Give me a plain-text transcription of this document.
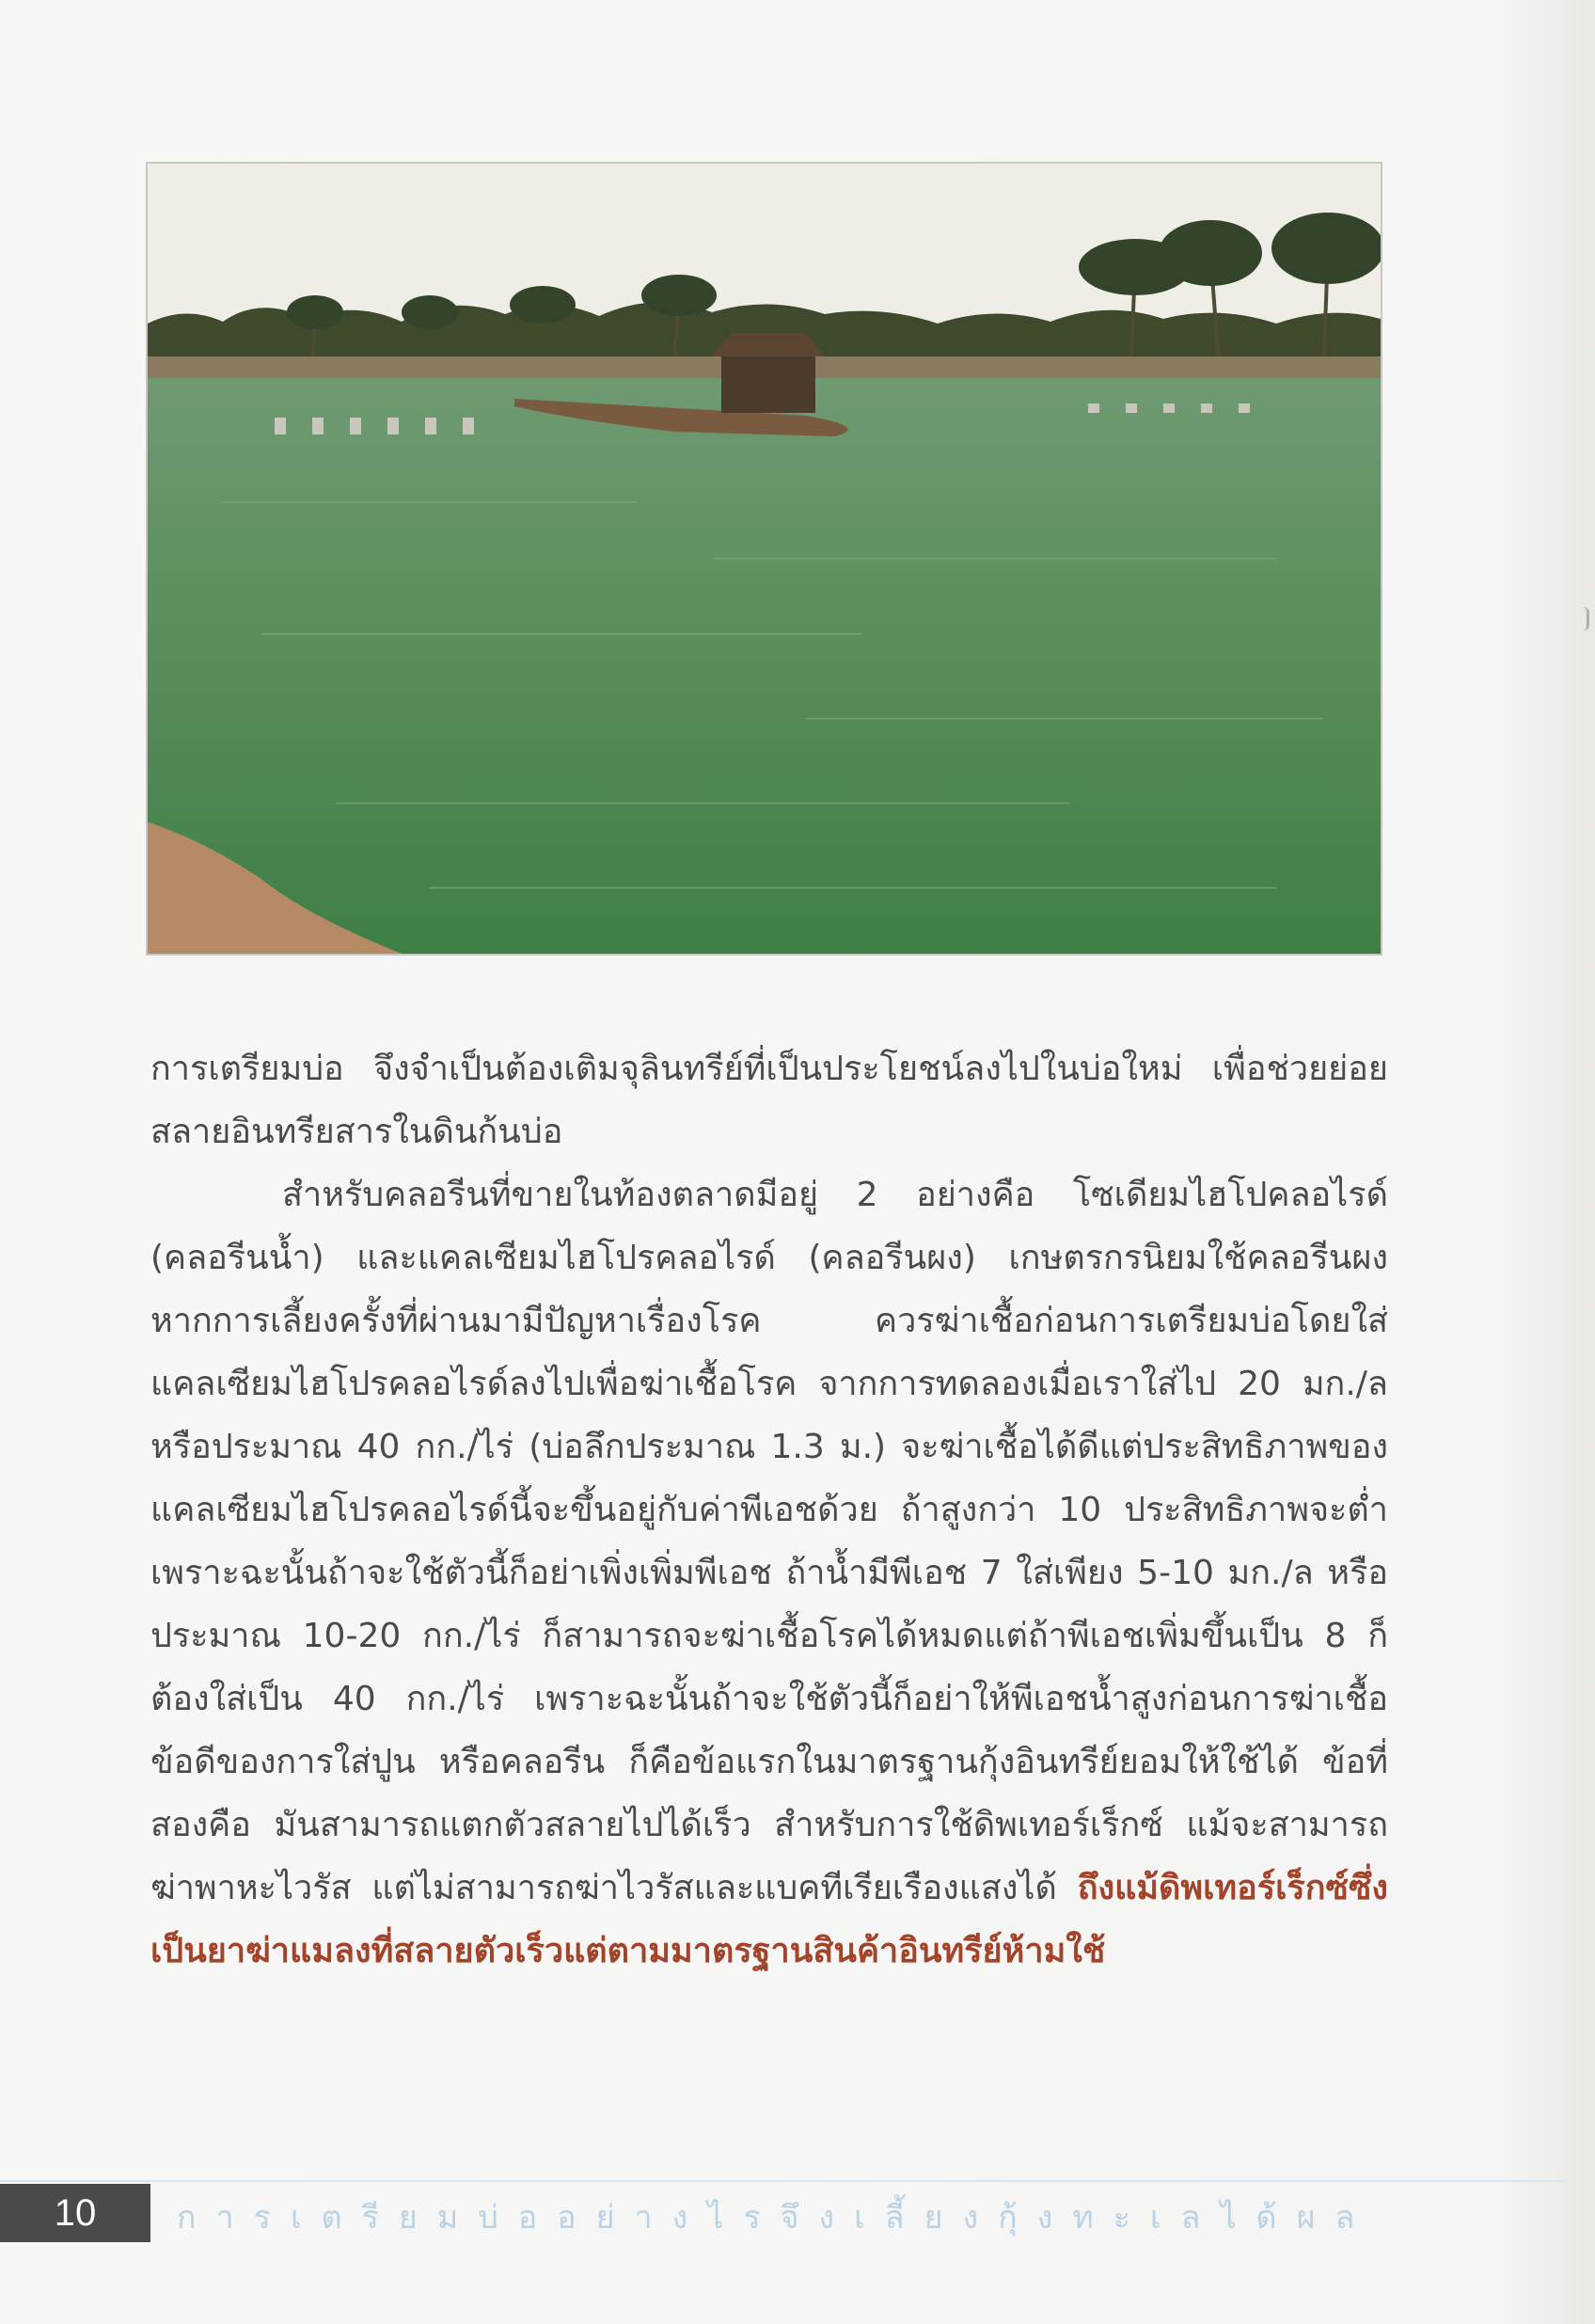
การเตรียมบ่อ จึงจำเป็นต้องเติมจุลินทรีย์ที่เป็นประโยชน์ลงไปในบ่อใหม่ เพื่อช่วยย่อยสลายอินทรียสารในดินก้นบ่อ

สำหรับคลอรีนที่ขายในท้องตลาดมีอยู่ 2 อย่างคือ โซเดียมไฮโปคลอไรด์ (คลอรีนน้ำ) และแคลเซียมไฮโปรคลอไรด์ (คลอรีนผง) เกษตรกรนิยมใช้คลอรีนผง หากการเลี้ยงครั้งที่ผ่านมามีปัญหาเรื่องโรค ควรฆ่าเชื้อก่อนการเตรียมบ่อโดยใส่แคลเซียมไฮโปรคลอไรด์ลงไปเพื่อฆ่าเชื้อโรค จากการทดลองเมื่อเราใส่ไป 20 มก./ล หรือประมาณ 40 กก./ไร่ (บ่อลึกประมาณ 1.3 ม.) จะฆ่าเชื้อได้ดีแต่ประสิทธิภาพของแคลเซียมไฮโปรคลอไรด์นี้จะขึ้นอยู่กับค่าพีเอชด้วย ถ้าสูงกว่า 10 ประสิทธิภาพจะต่ำ เพราะฉะนั้นถ้าจะใช้ตัวนี้ก็อย่าเพิ่งเพิ่มพีเอช ถ้าน้ำมีพีเอช 7 ใส่เพียง 5-10 มก./ล หรือประมาณ 10-20 กก./ไร่ ก็สามารถจะฆ่าเชื้อโรคได้หมดแต่ถ้าพีเอชเพิ่มขึ้นเป็น 8 ก็ต้องใส่เป็น 40 กก./ไร่ เพราะฉะนั้นถ้าจะใช้ตัวนี้ก็อย่าให้พีเอชน้ำสูงก่อนการฆ่าเชื้อ ข้อดีของการใส่ปูน หรือคลอรีน ก็คือข้อแรกในมาตรฐานกุ้งอินทรีย์ยอมให้ใช้ได้ ข้อที่สองคือ มันสามารถแตกตัวสลายไปได้เร็ว สำหรับการใช้ดิพเทอร์เร็กซ์ แม้จะสามารถฆ่าพาหะไวรัส แต่ไม่สามารถฆ่าไวรัสและแบคทีเรียเรืองแสงได้ ถึงแม้ดิพเทอร์เร็กซ์ซึ่งเป็นยาฆ่าแมลงที่สลายตัวเร็วแต่ตามมาตรฐานสินค้าอินทรีย์ห้ามใช้

10	การเตรียมบ่ออย่างไรจึงเลี้ยงกุ้งทะเลได้ผล
